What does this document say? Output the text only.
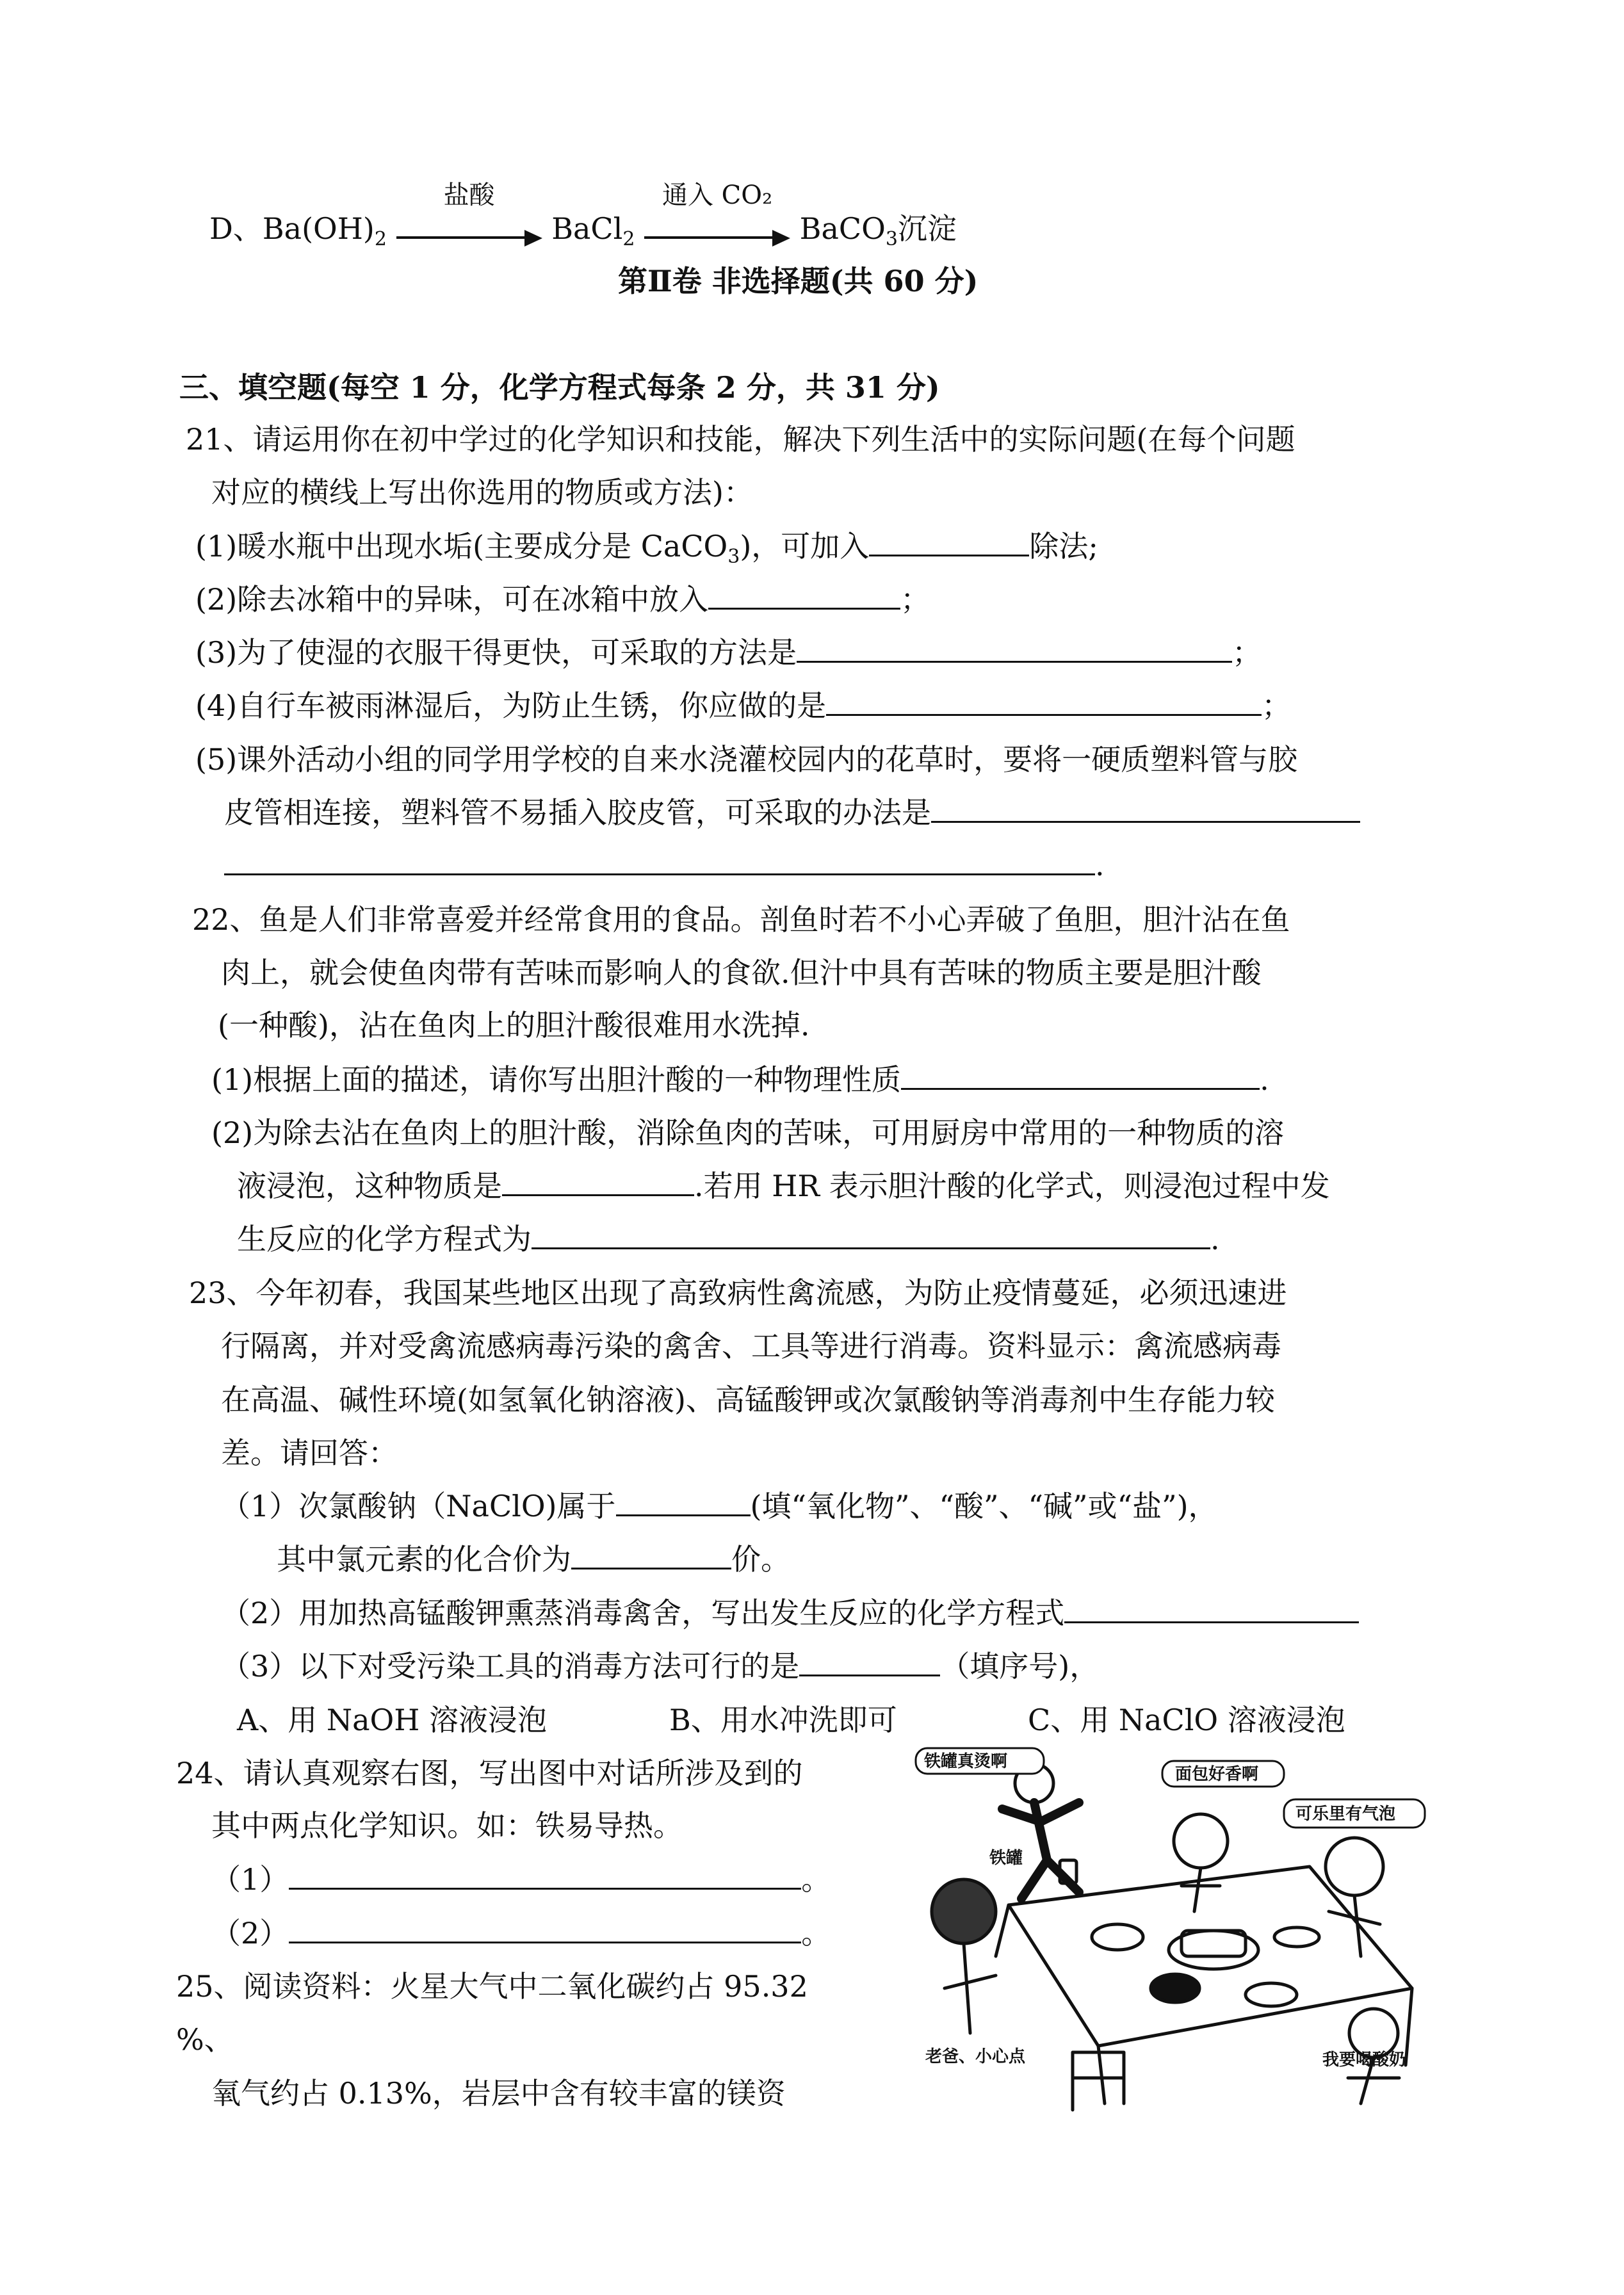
D、$Ba(OH)_2$
盐酸
BaCl$_2$
通入 CO₂
BaCO$_3$沉淀
第Ⅱ卷 非选择题(共 60 分)
三、填空题(每空 1 分，化学方程式每条 2 分，共 31 分)
21、请运用你在初中学过的化学知识和技能，解决下列生活中的实际问题(在每个问题
对应的横线上写出你选用的物质或方法)：
(1)暖水瓶中出现水垢(主要成分是 CaCO$_3$)，可加入	除法;
(2)除去冰箱中的异味，可在冰箱中放入	；
(3)为了使湿的衣服干得更快，可采取的方法是	；
(4)自行车被雨淋湿后，为防止生锈，你应做的是	；
(5)课外活动小组的同学用学校的自来水浇灌校园内的花草时，要将一硬质塑料管与胶
皮管相连接，塑料管不易插入胶皮管，可采取的办法是
.
22、鱼是人们非常喜爱并经常食用的食品。剖鱼时若不小心弄破了鱼胆，胆汁沾在鱼
肉上，就会使鱼肉带有苦味而影响人的食欲.但汁中具有苦味的物质主要是胆汁酸
(一种酸)，沾在鱼肉上的胆汁酸很难用水洗掉.
(1)根据上面的描述，请你写出胆汁酸的一种物理性质	.
(2)为除去沾在鱼肉上的胆汁酸，消除鱼肉的苦味，可用厨房中常用的一种物质的溶
液浸泡，这种物质是	.若用 HR 表示胆汁酸的化学式，则浸泡过程中发
生反应的化学方程式为	.
23、今年初春，我国某些地区出现了高致病性禽流感，为防止疫情蔓延，必须迅速进
行隔离，并对受禽流感病毒污染的禽舍、工具等进行消毒。资料显示：禽流感病毒
在高温、碱性环境(如氢氧化钠溶液)、高锰酸钾或次氯酸钠等消毒剂中生存能力较
差。请回答：
（1）次氯酸钠（NaClO)属于	(填“氧化物”、“酸”、“碱”或“盐”)，
其中氯元素的化合价为	价。
（2）用加热高锰酸钾熏蒸消毒禽舍，写出发生反应的化学方程式
（3）以下对受污染工具的消毒方法可行的是	（填序号)，
A、用 NaOH 溶液浸泡	B、用水冲洗即可	C、用 NaClO 溶液浸泡
24、请认真观察右图，写出图中对话所涉及到的
其中两点化学知识。如：铁易导热。
（1）	。
（2）	。
25、阅读资料：火星大气中二氧化碳约占 95.32
%、
氧气约占 0.13%，岩层中含有较丰富的镁资
铁罐真烫啊
面包好香啊
可乐里有气泡
铁罐
老爸、小心点	我要喝酸奶
